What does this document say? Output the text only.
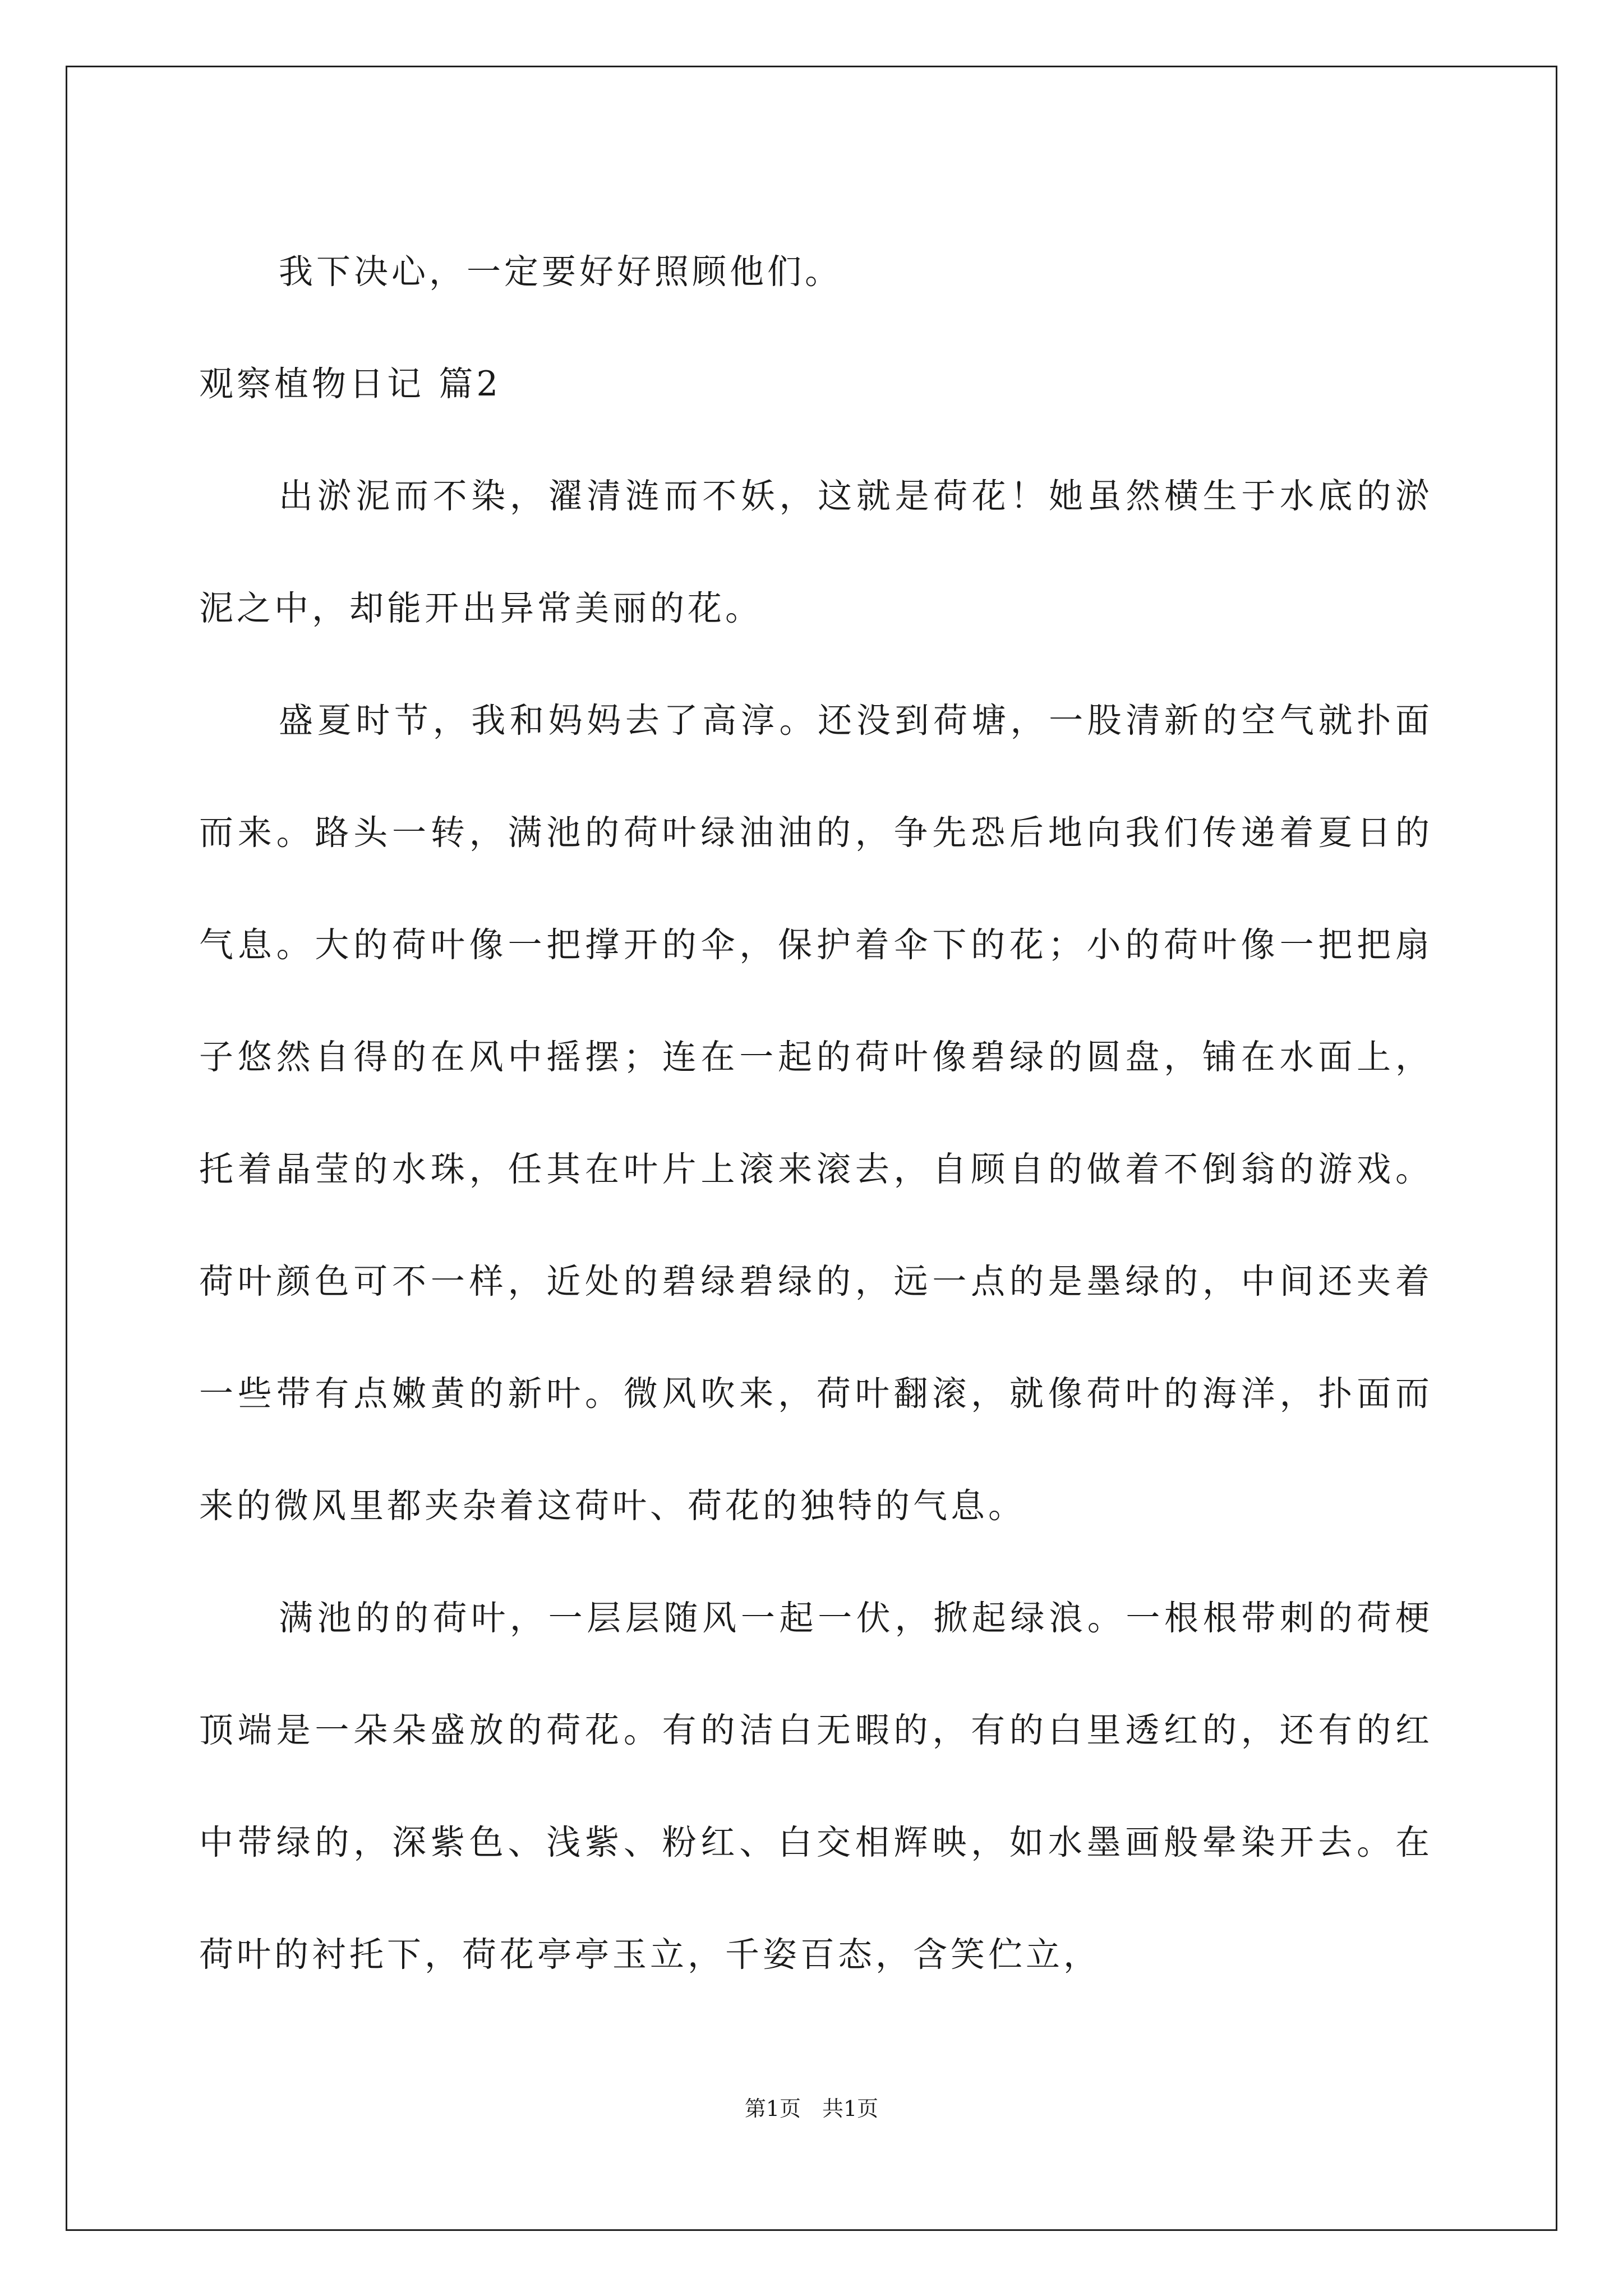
我下决心，一定要好好照顾他们。

观察植物日记 篇2

出淤泥而不染，濯清涟而不妖，这就是荷花！她虽然横生于水底的淤泥之中，却能开出异常美丽的花。

盛夏时节，我和妈妈去了高淳。还没到荷塘，一股清新的空气就扑面而来。路头一转，满池的荷叶绿油油的，争先恐后地向我们传递着夏日的气息。大的荷叶像一把撑开的伞，保护着伞下的花；小的荷叶像一把把扇子悠然自得的在风中摇摆；连在一起的荷叶像碧绿的圆盘，铺在水面上，托着晶莹的水珠，任其在叶片上滚来滚去，自顾自的做着不倒翁的游戏。荷叶颜色可不一样，近处的碧绿碧绿的，远一点的是墨绿的，中间还夹着一些带有点嫩黄的新叶。微风吹来，荷叶翻滚，就像荷叶的海洋，扑面而来的微风里都夹杂着这荷叶、荷花的独特的气息。

满池的的荷叶，一层层随风一起一伏，掀起绿浪。一根根带刺的荷梗顶端是一朵朵盛放的荷花。有的洁白无暇的，有的白里透红的，还有的红中带绿的，深紫色、浅紫、粉红、白交相辉映，如水墨画般晕染开去。在荷叶的衬托下，荷花亭亭玉立，千姿百态，含笑伫立，

第1页　共1页
